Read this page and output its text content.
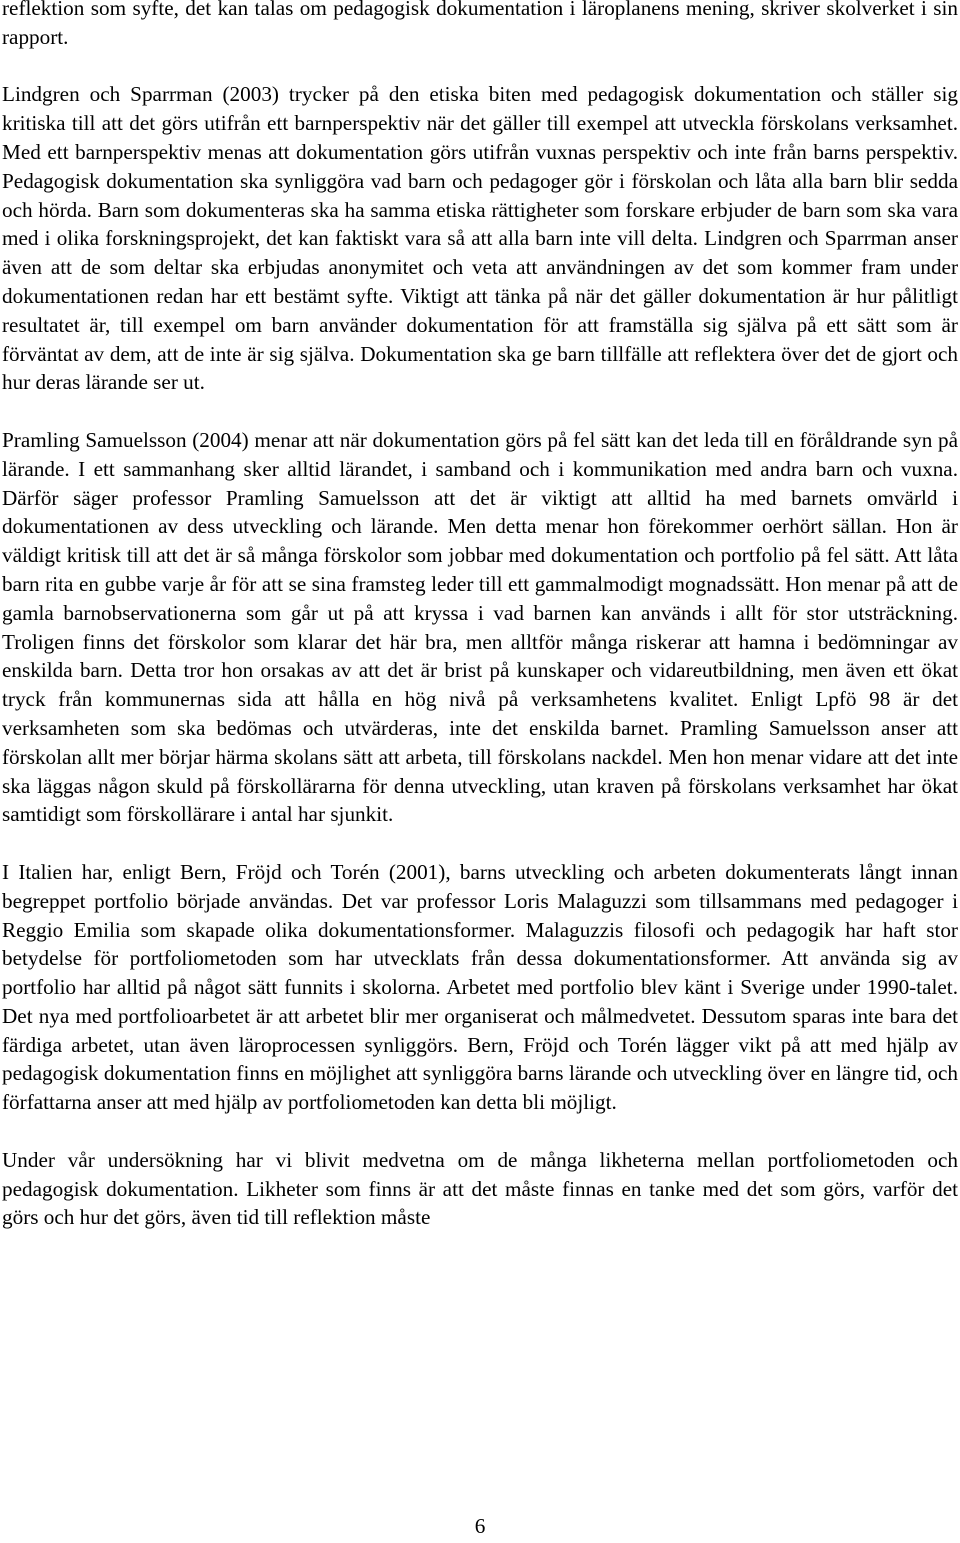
reflektion som syfte, det kan talas om pedagogisk dokumentation i läroplanens mening, skriver skolverket i sin rapport.

Lindgren och Sparrman (2003) trycker på den etiska biten med pedagogisk dokumentation och ställer sig kritiska till att det görs utifrån ett barnperspektiv när det gäller till exempel att utveckla förskolans verksamhet. Med ett barnperspektiv menas att dokumentation görs utifrån vuxnas perspektiv och inte från barns perspektiv. Pedagogisk dokumentation ska synliggöra vad barn och pedagoger gör i förskolan och låta alla barn blir sedda och hörda. Barn som dokumenteras ska ha samma etiska rättigheter som forskare erbjuder de barn som ska vara med i olika forskningsprojekt, det kan faktiskt vara så att alla barn inte vill delta. Lindgren och Sparrman anser även att de som deltar ska erbjudas anonymitet och veta att användningen av det som kommer fram under dokumentationen redan har ett bestämt syfte. Viktigt att tänka på när det gäller dokumentation är hur pålitligt resultatet är, till exempel om barn använder dokumentation för att framställa sig själva på ett sätt som är förväntat av dem, att de inte är sig själva. Dokumentation ska ge barn tillfälle att reflektera över det de gjort och hur deras lärande ser ut.

Pramling Samuelsson (2004) menar att när dokumentation görs på fel sätt kan det leda till en föråldrande syn på lärande. I ett sammanhang sker alltid lärandet, i samband och i kommunikation med andra barn och vuxna. Därför säger professor Pramling Samuelsson att det är viktigt att alltid ha med barnets omvärld i dokumentationen av dess utveckling och lärande. Men detta menar hon förekommer oerhört sällan. Hon är väldigt kritisk till att det är så många förskolor som jobbar med dokumentation och portfolio på fel sätt. Att låta barn rita en gubbe varje år för att se sina framsteg leder till ett gammalmodigt mognadssätt. Hon menar på att de gamla barnobservationerna som går ut på att kryssa i vad barnen kan används i allt för stor utsträckning. Troligen finns det förskolor som klarar det här bra, men alltför många riskerar att hamna i bedömningar av enskilda barn. Detta tror hon orsakas av att det är brist på kunskaper och vidareutbildning, men även ett ökat tryck från kommunernas sida att hålla en hög nivå på verksamhetens kvalitet. Enligt Lpfö 98 är det verksamheten som ska bedömas och utvärderas, inte det enskilda barnet. Pramling Samuelsson anser att förskolan allt mer börjar härma skolans sätt att arbeta, till förskolans nackdel. Men hon menar vidare att det inte ska läggas någon skuld på förskollärarna för denna utveckling, utan kraven på förskolans verksamhet har ökat samtidigt som förskollärare i antal har sjunkit.

I Italien har, enligt Bern, Fröjd och Torén (2001), barns utveckling och arbeten dokumenterats långt innan begreppet portfolio började användas. Det var professor Loris Malaguzzi som tillsammans med pedagoger i Reggio Emilia som skapade olika dokumentationsformer. Malaguzzis filosofi och pedagogik har haft stor betydelse för portfoliometoden som har utvecklats från dessa dokumentationsformer. Att använda sig av portfolio har alltid på något sätt funnits i skolorna. Arbetet med portfolio blev känt i Sverige under 1990-talet. Det nya med portfolioarbetet är att arbetet blir mer organiserat och målmedvetet. Dessutom sparas inte bara det färdiga arbetet, utan även läroprocessen synliggörs. Bern, Fröjd och Torén lägger vikt på att med hjälp av pedagogisk dokumentation finns en möjlighet att synliggöra barns lärande och utveckling över en längre tid, och författarna anser att med hjälp av portfoliometoden kan detta bli möjligt.

Under vår undersökning har vi blivit medvetna om de många likheterna mellan portfoliometoden och pedagogisk dokumentation. Likheter som finns är att det måste finnas en tanke med det som görs, varför det görs och hur det görs, även tid till reflektion måste

6
